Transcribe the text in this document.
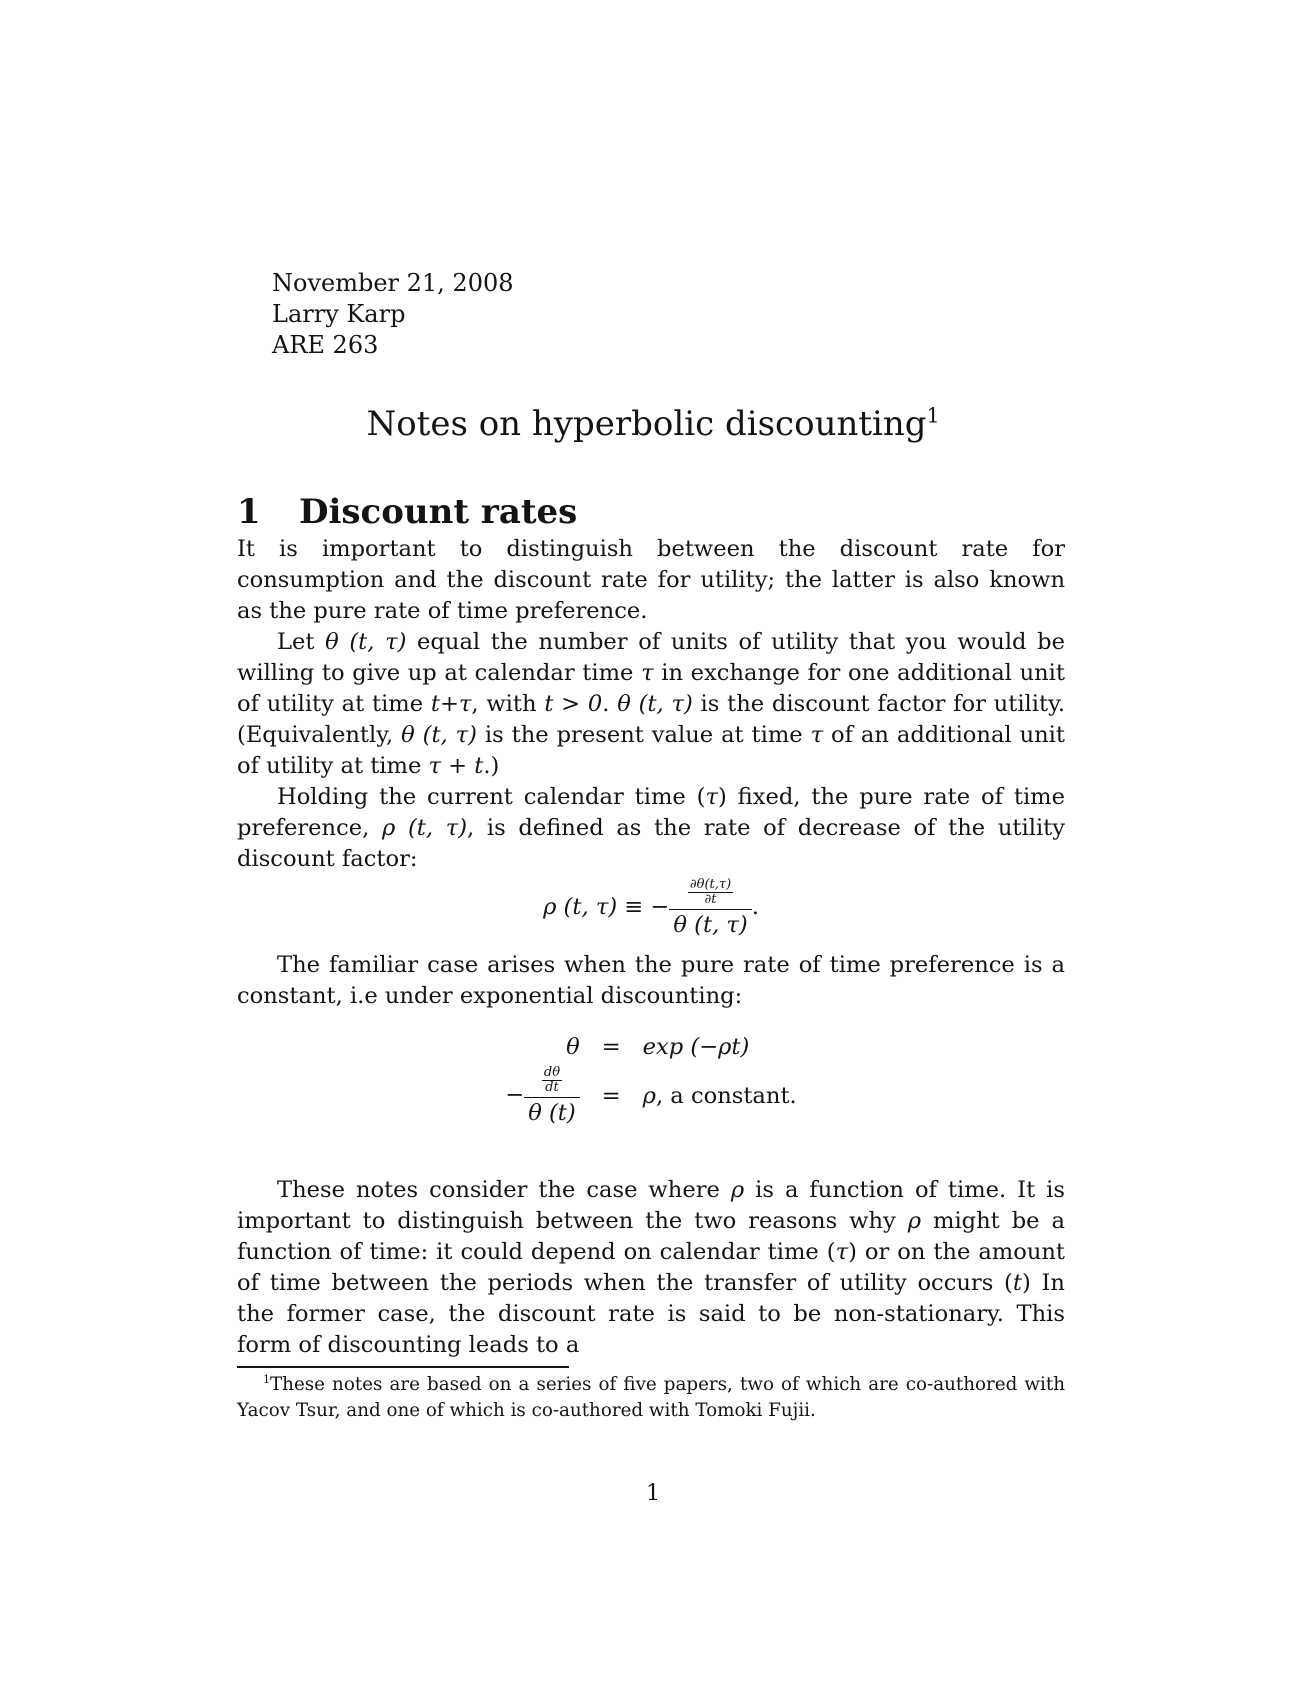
November 21, 2008
Larry Karp
ARE 263
Notes on hyperbolic discounting$^1$
1 Discount rates

It is important to distinguish between the discount rate for consumption and the discount rate for utility; the latter is also known as the pure rate of time preference.

Let θ (t, τ) equal the number of units of utility that you would be willing to give up at calendar time τ in exchange for one additional unit of utility at time t+τ, with t > 0. θ (t, τ) is the discount factor for utility. (Equivalently, θ (t, τ) is the present value at time τ of an additional unit of utility at time τ + t.)

Holding the current calendar time (τ) fixed, the pure rate of time preference, ρ (t, τ), is defined as the rate of decrease of the utility discount factor:

ρ (t, τ) ≡ − $\frac{\frac{\partial\theta(t,\tau)}{\partial t}}{\theta (t, \tau)}$ .

The familiar case arises when the pure rate of time preference is a constant, i.e under exponential discounting:

θ	=	exp (−ρt)
− $\frac{\frac{d\theta}{dt}}{\theta (t)}$	=	ρ, a constant.

These notes consider the case where ρ is a function of time. It is important to distinguish between the two reasons why ρ might be a function of time: it could depend on calendar time (τ) or on the amount of time between the periods when the transfer of utility occurs (t) In the former case, the discount rate is said to be non-stationary. This form of discounting leads to a

$^1$These notes are based on a series of five papers, two of which are co-authored with Yacov Tsur, and one of which is co-authored with Tomoki Fujii.

1
